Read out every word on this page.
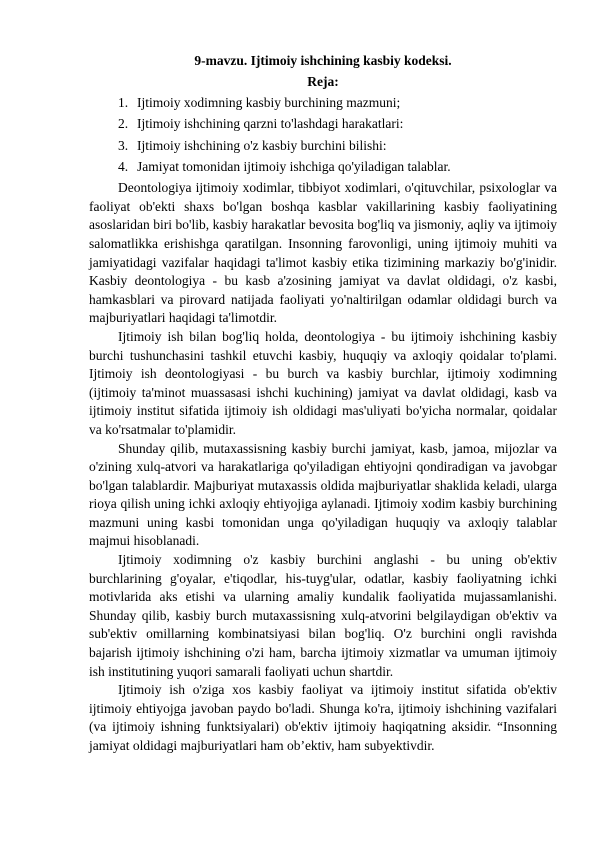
9-mavzu. Ijtimoiy ishchining kasbiy kodeksi.

Reja:

1. Ijtimoiy xodimning kasbiy burchining mazmuni;
2. Ijtimoiy ishchining qarzni to'lashdagi harakatlari:
3. Ijtimoiy ishchining o'z kasbiy burchini bilishi:
4. Jamiyat tomonidan ijtimoiy ishchiga qo'yiladigan talablar.

Deontologiya ijtimoiy xodimlar, tibbiyot xodimlari, o'qituvchilar, psixologlar va faoliyat ob'ekti shaxs bo'lgan boshqa kasblar vakillarining kasbiy faoliyatining asoslaridan biri bo'lib, kasbiy harakatlar bevosita bog'liq va jismoniy, aqliy va ijtimoiy salomatlikka erishishga qaratilgan. Insonning farovonligi, uning ijtimoiy muhiti va jamiyatidagi vazifalar haqidagi ta'limot kasbiy etika tizimining markaziy bo'g'inidir. Kasbiy deontologiya - bu kasb a'zosining jamiyat va davlat oldidagi, o'z kasbi, hamkasblari va pirovard natijada faoliyati yo'naltirilgan odamlar oldidagi burch va majburiyatlari haqidagi ta'limotdir.

Ijtimoiy ish bilan bog'liq holda, deontologiya - bu ijtimoiy ishchining kasbiy burchi tushunchasini tashkil etuvchi kasbiy, huquqiy va axloqiy qoidalar to'plami. Ijtimoiy ish deontologiyasi - bu burch va kasbiy burchlar, ijtimoiy xodimning (ijtimoiy ta'minot muassasasi ishchi kuchining) jamiyat va davlat oldidagi, kasb va ijtimoiy institut sifatida ijtimoiy ish oldidagi mas'uliyati bo'yicha normalar, qoidalar va ko'rsatmalar to'plamidir.

Shunday qilib, mutaxassisning kasbiy burchi jamiyat, kasb, jamoa, mijozlar va o'zining xulq-atvori va harakatlariga qo'yiladigan ehtiyojni qondiradigan va javobgar bo'lgan talablardir. Majburiyat mutaxassis oldida majburiyatlar shaklida keladi, ularga rioya qilish uning ichki axloqiy ehtiyojiga aylanadi. Ijtimoiy xodim kasbiy burchining mazmuni uning kasbi tomonidan unga qo'yiladigan huquqiy va axloqiy talablar majmui hisoblanadi.

Ijtimoiy xodimning o'z kasbiy burchini anglashi - bu uning ob'ektiv burchlarining g'oyalar, e'tiqodlar, his-tuyg'ular, odatlar, kasbiy faoliyatning ichki motivlarida aks etishi va ularning amaliy kundalik faoliyatida mujassamlanishi. Shunday qilib, kasbiy burch mutaxassisning xulq-atvorini belgilaydigan ob'ektiv va sub'ektiv omillarning kombinatsiyasi bilan bog'liq. O'z burchini ongli ravishda bajarish ijtimoiy ishchining o'zi ham, barcha ijtimoiy xizmatlar va umuman ijtimoiy ish institutining yuqori samarali faoliyati uchun shartdir.

Ijtimoiy ish o'ziga xos kasbiy faoliyat va ijtimoiy institut sifatida ob'ektiv ijtimoiy ehtiyojga javoban paydo bo'ladi. Shunga ko'ra, ijtimoiy ishchining vazifalari (va ijtimoiy ishning funktsiyalari) ob'ektiv ijtimoiy haqiqatning aksidir. “Insonning jamiyat oldidagi majburiyatlari ham ob’ektiv, ham subyektivdir.
